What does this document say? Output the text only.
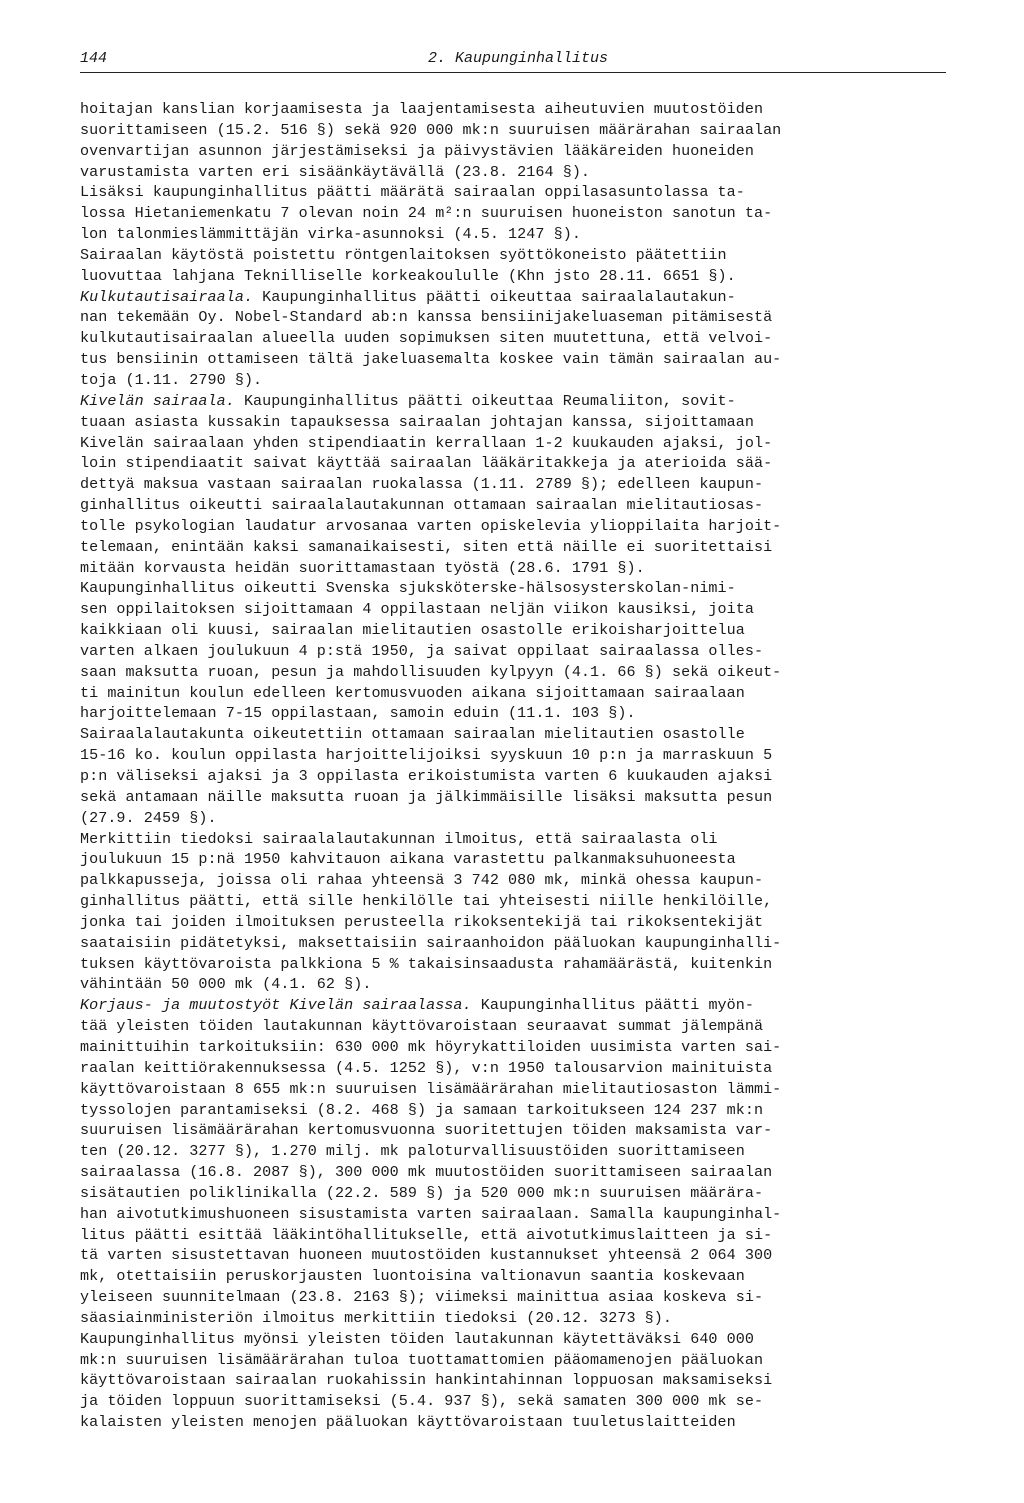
144	2. Kaupunginhallitus
hoitajan kanslian korjaamisesta ja laajentamisesta aiheutuvien muutostöiden
suorittamiseen (15.2. 516 §) sekä 920 000 mk:n suuruisen määrärahan sairaalan
ovenvartijan asunnon järjestämiseksi ja päivystävien lääkäreiden huoneiden
varustamista varten eri sisäänkäytävällä (23.8. 2164 §).
Lisäksi kaupunginhallitus päätti määrätä sairaalan oppilasasuntolassa ta-
lossa Hietaniemenkatu 7 olevan noin 24 m²:n suuruisen huoneiston sanotun ta-
lon talonmieslämmittäjän virka-asunnoksi (4.5. 1247 §).
Sairaalan käytöstä poistettu röntgenlaitoksen syöttökoneisto päätettiin
luovuttaa lahjana Teknilliselle korkeakoululle (Khn jsto 28.11. 6651 §).
Kulkutautisairaala. Kaupunginhallitus päätti oikeuttaa sairaalalautakun-
nan tekemään Oy. Nobel-Standard ab:n kanssa bensiinijakeluaseman pitämisestä
kulkutautisairaalan alueella uuden sopimuksen siten muutettuna, että velvoi-
tus bensiinin ottamiseen tältä jakeluasemalta koskee vain tämän sairaalan au-
toja (1.11. 2790 §).
Kivelän sairaala. Kaupunginhallitus päätti oikeuttaa Reumaliiton, sovit-
tuaan asiasta kussakin tapauksessa sairaalan johtajan kanssa, sijoittamaan
Kivelän sairaalaan yhden stipendiaatin kerrallaan 1-2 kuukauden ajaksi, jol-
loin stipendiaatit saivat käyttää sairaalan lääkäritakkeja ja aterioida sää-
dettyä maksua vastaan sairaalan ruokalassa (1.11. 2789 §); edelleen kaupun-
ginhallitus oikeutti sairaalalautakunnan ottamaan sairaalan mielitautiosas-
tolle psykologian laudatur arvosanaa varten opiskelevia ylioppilaita harjoit-
telemaan, enintään kaksi samanaikaisesti, siten että näille ei suoritettaisi
mitään korvausta heidän suorittamastaan työstä (28.6. 1791 §).
Kaupunginhallitus oikeutti Svenska sjuksköterske-hälsosysterskolan-nimi-
sen oppilaitoksen sijoittamaan 4 oppilastaan neljän viikon kausiksi, joita
kaikkiaan oli kuusi, sairaalan mielitautien osastolle erikoisharjoittelua
varten alkaen joulukuun 4 p:stä 1950, ja saivat oppilaat sairaalassa olles-
saan maksutta ruoan, pesun ja mahdollisuuden kylpyyn (4.1. 66 §) sekä oikeut-
ti mainitun koulun edelleen kertomusvuoden aikana sijoittamaan sairaalaan
harjoittelemaan 7-15 oppilastaan, samoin eduin (11.1. 103 §).
Sairaalalautakunta oikeutettiin ottamaan sairaalan mielitautien osastolle
15-16 ko. koulun oppilasta harjoittelijoiksi syyskuun 10 p:n ja marraskuun 5
p:n väliseksi ajaksi ja 3 oppilasta erikoistumista varten 6 kuukauden ajaksi
sekä antamaan näille maksutta ruoan ja jälkimmäisille lisäksi maksutta pesun
(27.9. 2459 §).
Merkittiin tiedoksi sairaalalautakunnan ilmoitus, että sairaalasta oli
joulukuun 15 p:nä 1950 kahvitauon aikana varastettu palkanmaksuhuoneesta
palkkapusseja, joissa oli rahaa yhteensä 3 742 080 mk, minkä ohessa kaupun-
ginhallitus päätti, että sille henkilölle tai yhteisesti niille henkilöille,
jonka tai joiden ilmoituksen perusteella rikoksentekijä tai rikoksentekijät
saataisiin pidätetyksi, maksettaisiin sairaanhoidon pääluokan kaupunginhalli-
tuksen käyttövaroista palkkiona 5 % takaisinsaadusta rahamäärästä, kuitenkin
vähintään 50 000 mk (4.1. 62 §).
Korjaus- ja muutostyöt Kivelän sairaalassa. Kaupunginhallitus päätti myön-
tää yleisten töiden lautakunnan käyttövaroistaan seuraavat summat jälempänä
mainittuihin tarkoituksiin: 630 000 mk höyrykattiloiden uusimista varten sai-
raalan keittiörakennuksessa (4.5. 1252 §), v:n 1950 talousarvion mainituista
käyttövaroistaan 8 655 mk:n suuruisen lisämäärärahan mielitautiosaston lämmi-
tyssolojen parantamiseksi (8.2. 468 §) ja samaan tarkoitukseen 124 237 mk:n
suuruisen lisämäärärahan kertomusvuonna suoritettujen töiden maksamista var-
ten (20.12. 3277 §), 1.270 milj. mk paloturvallisuustöiden suorittamiseen
sairaalassa (16.8. 2087 §), 300 000 mk muutostöiden suorittamiseen sairaalan
sisätautien poliklinikalla (22.2. 589 §) ja 520 000 mk:n suuruisen määrära-
han aivotutkimushuoneen sisustamista varten sairaalaan. Samalla kaupunginhal-
litus päätti esittää lääkintöhallitukselle, että aivotutkimuslaitteen ja si-
tä varten sisustettavan huoneen muutostöiden kustannukset yhteensä 2 064 300
mk, otettaisiin peruskorjausten luontoisina valtionavun saantia koskevaan
yleiseen suunnitelmaan (23.8. 2163 §); viimeksi mainittua asiaa koskeva si-
säasiainministeriön ilmoitus merkittiin tiedoksi (20.12. 3273 §).
Kaupunginhallitus myönsi yleisten töiden lautakunnan käytettäväksi 640 000
mk:n suuruisen lisämäärärahan tuloa tuottamattomien pääomamenojen pääluokan
käyttövaroistaan sairaalan ruokahissin hankintahinnan loppuosan maksamiseksi
ja töiden loppuun suorittamiseksi (5.4. 937 §), sekä samaten 300 000 mk se-
kalaisten yleisten menojen pääluokan käyttövaroistaan tuuletuslaitteiden
